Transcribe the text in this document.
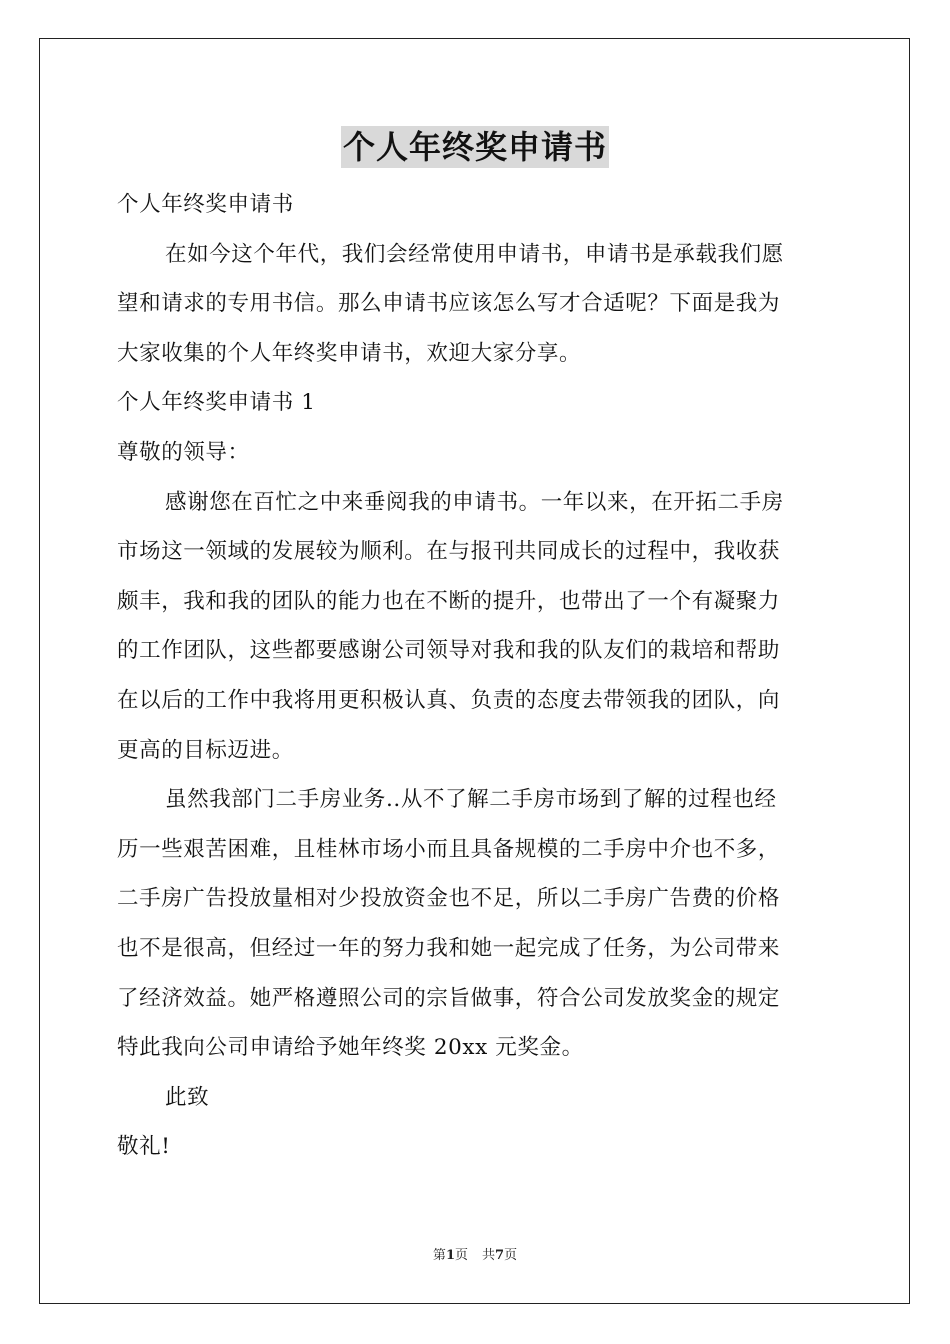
个人年终奖申请书
个人年终奖申请书
在如今这个年代，我们会经常使用申请书，申请书是承载我们愿
望和请求的专用书信。那么申请书应该怎么写才合适呢？下面是我为
大家收集的个人年终奖申请书，欢迎大家分享。
个人年终奖申请书 1
尊敬的领导：
感谢您在百忙之中来垂阅我的申请书。一年以来，在开拓二手房
市场这一领域的发展较为顺利。在与报刊共同成长的过程中，我收获
颇丰，我和我的团队的能力也在不断的提升，也带出了一个有凝聚力
的工作团队，这些都要感谢公司领导对我和我的队友们的栽培和帮助
在以后的工作中我将用更积极认真、负责的态度去带领我的团队，向
更高的目标迈进。
虽然我部门二手房业务..从不了解二手房市场到了解的过程也经
历一些艰苦困难，且桂林市场小而且具备规模的二手房中介也不多，
二手房广告投放量相对少投放资金也不足，所以二手房广告费的价格
也不是很高，但经过一年的努力我和她一起完成了任务，为公司带来
了经济效益。她严格遵照公司的宗旨做事，符合公司发放奖金的规定
特此我向公司申请给予她年终奖 20xx 元奖金。
此致
敬礼!
第1页 共7页
